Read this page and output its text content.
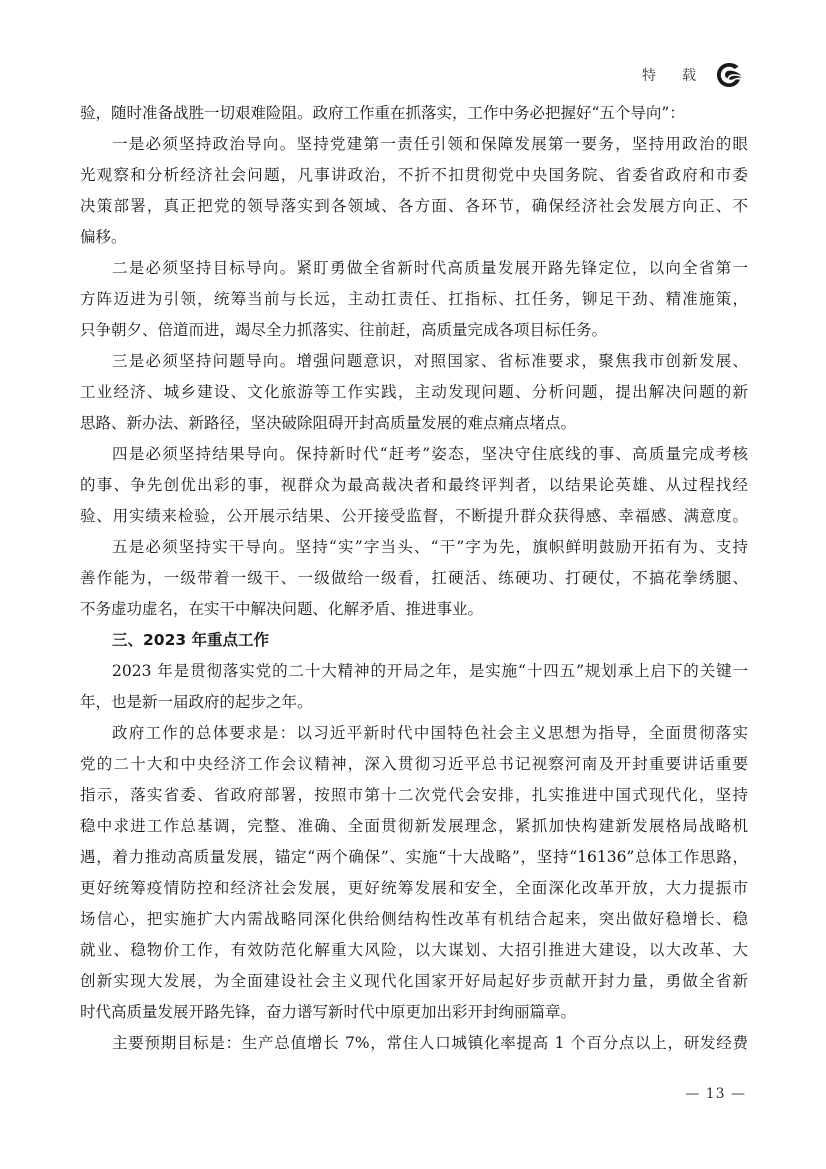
特　载
验，随时准备战胜一切艰难险阻。政府工作重在抓落实，工作中务必把握好“五个导向”：
一是必须坚持政治导向。坚持党建第一责任引领和保障发展第一要务，坚持用政治的眼
光观察和分析经济社会问题，凡事讲政治，不折不扣贯彻党中央国务院、省委省政府和市委
决策部署，真正把党的领导落实到各领域、各方面、各环节，确保经济社会发展方向正、不
偏移。
二是必须坚持目标导向。紧盯勇做全省新时代高质量发展开路先锋定位，以向全省第一
方阵迈进为引领，统筹当前与长远，主动扛责任、扛指标、扛任务，铆足干劲、精准施策，
只争朝夕、倍道而进，竭尽全力抓落实、往前赶，高质量完成各项目标任务。
三是必须坚持问题导向。增强问题意识，对照国家、省标准要求，聚焦我市创新发展、
工业经济、城乡建设、文化旅游等工作实践，主动发现问题、分析问题，提出解决问题的新
思路、新办法、新路径，坚决破除阻碍开封高质量发展的难点痛点堵点。
四是必须坚持结果导向。保持新时代“赶考”姿态，坚决守住底线的事、高质量完成考核
的事、争先创优出彩的事，视群众为最高裁决者和最终评判者，以结果论英雄、从过程找经
验、用实绩来检验，公开展示结果、公开接受监督，不断提升群众获得感、幸福感、满意度。
五是必须坚持实干导向。坚持“实”字当头、“干”字为先，旗帜鲜明鼓励开拓有为、支持
善作能为，一级带着一级干、一级做给一级看，扛硬活、练硬功、打硬仗，不搞花拳绣腿、
不务虚功虚名，在实干中解决问题、化解矛盾、推进事业。
三、2023 年重点工作
2023 年是贯彻落实党的二十大精神的开局之年，是实施“十四五”规划承上启下的关键一
年，也是新一届政府的起步之年。
政府工作的总体要求是：以习近平新时代中国特色社会主义思想为指导，全面贯彻落实
党的二十大和中央经济工作会议精神，深入贯彻习近平总书记视察河南及开封重要讲话重要
指示，落实省委、省政府部署，按照市第十二次党代会安排，扎实推进中国式现代化，坚持
稳中求进工作总基调，完整、准确、全面贯彻新发展理念，紧抓加快构建新发展格局战略机
遇，着力推动高质量发展，锚定“两个确保”、实施“十大战略”，坚持“16136”总体工作思路，
更好统筹疫情防控和经济社会发展，更好统筹发展和安全，全面深化改革开放，大力提振市
场信心，把实施扩大内需战略同深化供给侧结构性改革有机结合起来，突出做好稳增长、稳
就业、稳物价工作，有效防范化解重大风险，以大谋划、大招引推进大建设，以大改革、大
创新实现大发展，为全面建设社会主义现代化国家开好局起好步贡献开封力量，勇做全省新
时代高质量发展开路先锋，奋力谱写新时代中原更加出彩开封绚丽篇章。
主要预期目标是：生产总值增长 7%，常住人口城镇化率提高 1 个百分点以上，研发经费
— 13 —
